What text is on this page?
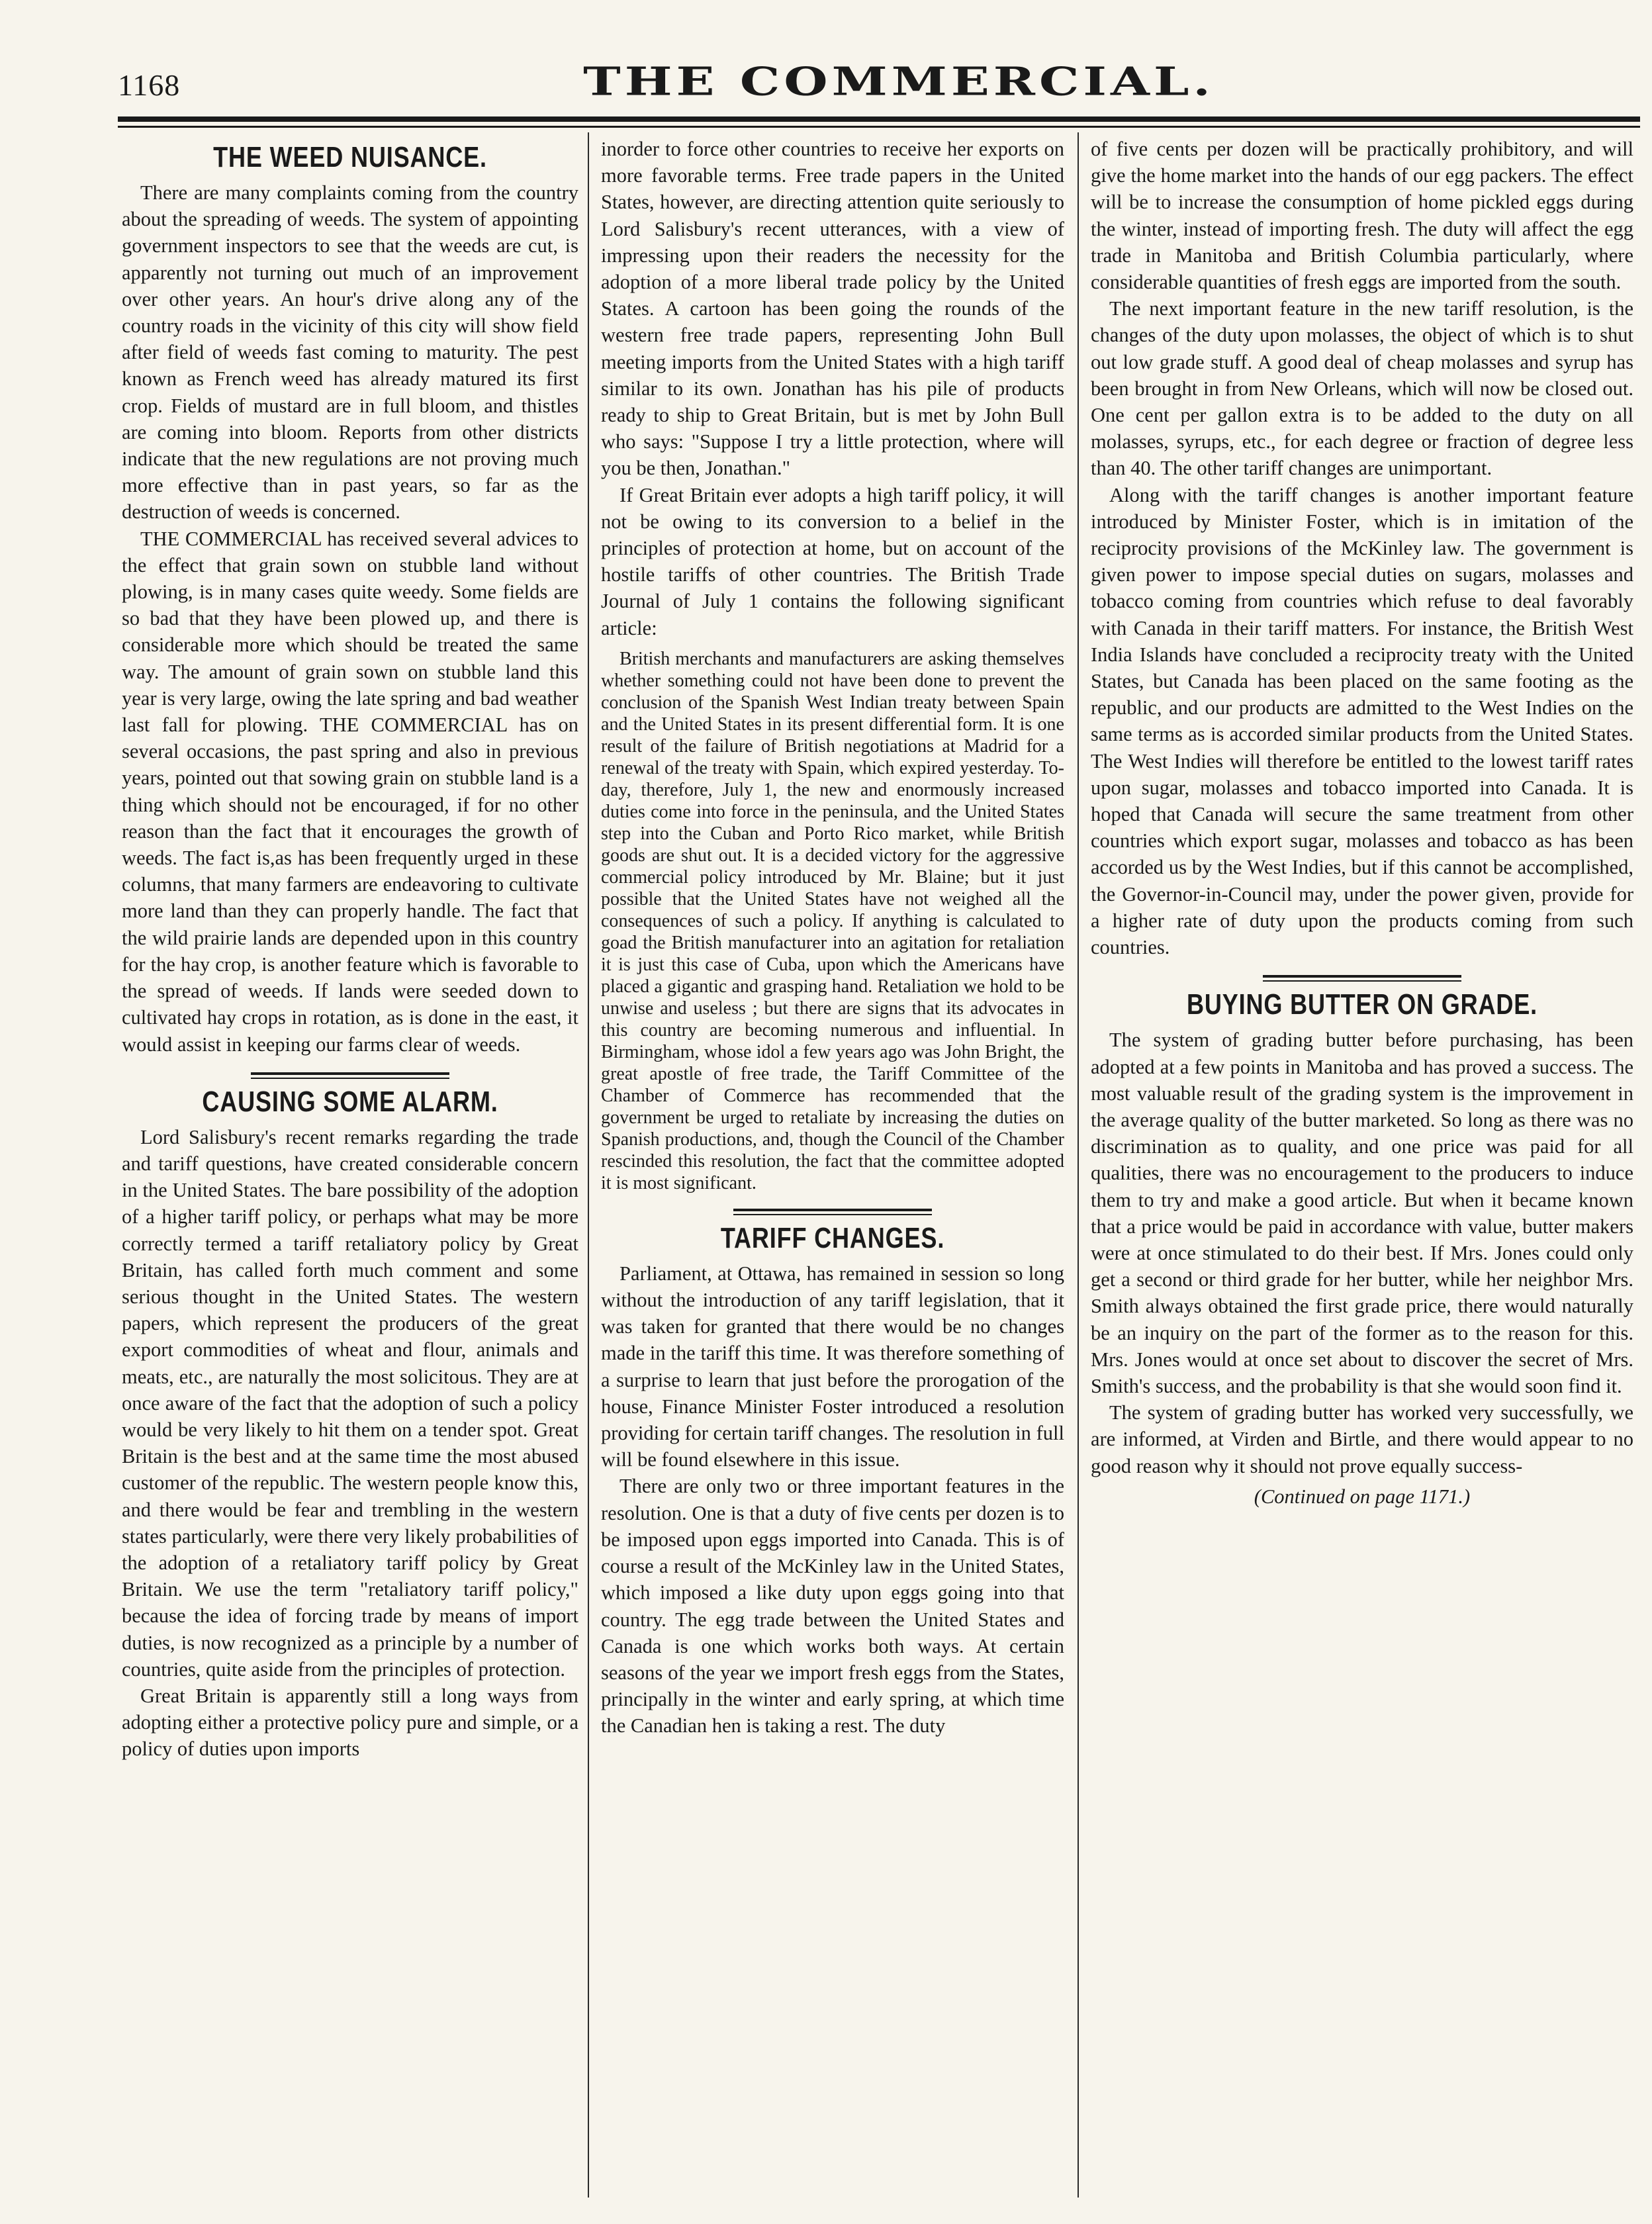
1168	THE COMMERCIAL.
THE WEED NUISANCE.

There are many complaints coming from the country about the spreading of weeds. The system of appointing government inspectors to see that the weeds are cut, is apparently not turning out much of an improvement over other years. An hour's drive along any of the country roads in the vicinity of this city will show field after field of weeds fast coming to maturity. The pest known as French weed has already matured its first crop. Fields of mustard are in full bloom, and thistles are coming into bloom. Reports from other districts indicate that the new regulations are not proving much more effective than in past years, so far as the destruction of weeds is concerned.

THE COMMERCIAL has received several advices to the effect that grain sown on stubble land without plowing, is in many cases quite weedy. Some fields are so bad that they have been plowed up, and there is considerable more which should be treated the same way. The amount of grain sown on stubble land this year is very large, owing the late spring and bad weather last fall for plowing. THE COMMERCIAL has on several occasions, the past spring and also in previous years, pointed out that sowing grain on stubble land is a thing which should not be encouraged, if for no other reason than the fact that it encourages the growth of weeds. The fact is,as has been frequently urged in these columns, that many farmers are endeavoring to cultivate more land than they can properly handle. The fact that the wild prairie lands are depended upon in this country for the hay crop, is another feature which is favorable to the spread of weeds. If lands were seeded down to cultivated hay crops in rotation, as is done in the east, it would assist in keeping our farms clear of weeds.

CAUSING SOME ALARM.

Lord Salisbury's recent remarks regarding the trade and tariff questions, have created considerable concern in the United States. The bare possibility of the adoption of a higher tariff policy, or perhaps what may be more correctly termed a tariff retaliatory policy by Great Britain, has called forth much comment and some serious thought in the United States. The western papers, which represent the producers of the great export commodities of wheat and flour, animals and meats, etc., are naturally the most solicitous. They are at once aware of the fact that the adoption of such a policy would be very likely to hit them on a tender spot. Great Britain is the best and at the same time the most abused customer of the republic. The western people know this, and there would be fear and trembling in the western states particularly, were there very likely probabilities of the adoption of a retaliatory tariff policy by Great Britain. We use the term "retaliatory tariff policy," because the idea of forcing trade by means of import duties, is now recognized as a principle by a number of countries, quite aside from the principles of protection.

Great Britain is apparently still a long ways from adopting either a protective policy pure and simple, or a policy of duties upon imports

inorder to force other countries to receive her exports on more favorable terms. Free trade papers in the United States, however, are directing attention quite seriously to Lord Salisbury's recent utterances, with a view of impressing upon their readers the necessity for the adoption of a more liberal trade policy by the United States. A cartoon has been going the rounds of the western free trade papers, representing John Bull meeting imports from the United States with a high tariff similar to its own. Jonathan has his pile of products ready to ship to Great Britain, but is met by John Bull who says: "Suppose I try a little protection, where will you be then, Jonathan."

If Great Britain ever adopts a high tariff policy, it will not be owing to its conversion to a belief in the principles of protection at home, but on account of the hostile tariffs of other countries. The British Trade Journal of July 1 contains the following significant article:

British merchants and manufacturers are asking themselves whether something could not have been done to prevent the conclusion of the Spanish West Indian treaty between Spain and the United States in its present differential form. It is one result of the failure of British negotiations at Madrid for a renewal of the treaty with Spain, which expired yesterday. To-day, therefore, July 1, the new and enormously increased duties come into force in the peninsula, and the United States step into the Cuban and Porto Rico market, while British goods are shut out. It is a decided victory for the aggressive commercial policy introduced by Mr. Blaine; but it just possible that the United States have not weighed all the consequences of such a policy. If anything is calculated to goad the British manufacturer into an agitation for retaliation it is just this case of Cuba, upon which the Americans have placed a gigantic and grasping hand. Retaliation we hold to be unwise and useless ; but there are signs that its advocates in this country are becoming numerous and influential. In Birmingham, whose idol a few years ago was John Bright, the great apostle of free trade, the Tariff Committee of the Chamber of Commerce has recommended that the government be urged to retaliate by increasing the duties on Spanish productions, and, though the Council of the Chamber rescinded this resolution, the fact that the committee adopted it is most significant.
TARIFF CHANGES.

Parliament, at Ottawa, has remained in session so long without the introduction of any tariff legislation, that it was taken for granted that there would be no changes made in the tariff this time. It was therefore something of a surprise to learn that just before the prorogation of the house, Finance Minister Foster introduced a resolution providing for certain tariff changes. The resolution in full will be found elsewhere in this issue.

There are only two or three important features in the resolution. One is that a duty of five cents per dozen is to be imposed upon eggs imported into Canada. This is of course a result of the McKinley law in the United States, which imposed a like duty upon eggs going into that country. The egg trade between the United States and Canada is one which works both ways. At certain seasons of the year we import fresh eggs from the States, principally in the winter and early spring, at which time the Canadian hen is taking a rest. The duty

of five cents per dozen will be practically prohibitory, and will give the home market into the hands of our egg packers. The effect will be to increase the consumption of home pickled eggs during the winter, instead of importing fresh. The duty will affect the egg trade in Manitoba and British Columbia particularly, where considerable quantities of fresh eggs are imported from the south.

The next important feature in the new tariff resolution, is the changes of the duty upon molasses, the object of which is to shut out low grade stuff. A good deal of cheap molasses and syrup has been brought in from New Orleans, which will now be closed out. One cent per gallon extra is to be added to the duty on all molasses, syrups, etc., for each degree or fraction of degree less than 40. The other tariff changes are unimportant.

Along with the tariff changes is another important feature introduced by Minister Foster, which is in imitation of the reciprocity provisions of the McKinley law. The government is given power to impose special duties on sugars, molasses and tobacco coming from countries which refuse to deal favorably with Canada in their tariff matters. For instance, the British West India Islands have concluded a reciprocity treaty with the United States, but Canada has been placed on the same footing as the republic, and our products are admitted to the West Indies on the same terms as is accorded similar products from the United States. The West Indies will therefore be entitled to the lowest tariff rates upon sugar, molasses and tobacco imported into Canada. It is hoped that Canada will secure the same treatment from other countries which export sugar, molasses and tobacco as has been accorded us by the West Indies, but if this cannot be accomplished, the Governor-in-Council may, under the power given, provide for a higher rate of duty upon the products coming from such countries.

BUYING BUTTER ON GRADE.

The system of grading butter before purchasing, has been adopted at a few points in Manitoba and has proved a success. The most valuable result of the grading system is the improvement in the average quality of the butter marketed. So long as there was no discrimination as to quality, and one price was paid for all qualities, there was no encouragement to the producers to induce them to try and make a good article. But when it became known that a price would be paid in accordance with value, butter makers were at once stimulated to do their best. If Mrs. Jones could only get a second or third grade for her butter, while her neighbor Mrs. Smith always obtained the first grade price, there would naturally be an inquiry on the part of the former as to the reason for this. Mrs. Jones would at once set about to discover the secret of Mrs. Smith's success, and the probability is that she would soon find it.

The system of grading butter has worked very successfully, we are informed, at Virden and Birtle, and there would appear to no good reason why it should not prove equally success-

(Continued on page 1171.)
